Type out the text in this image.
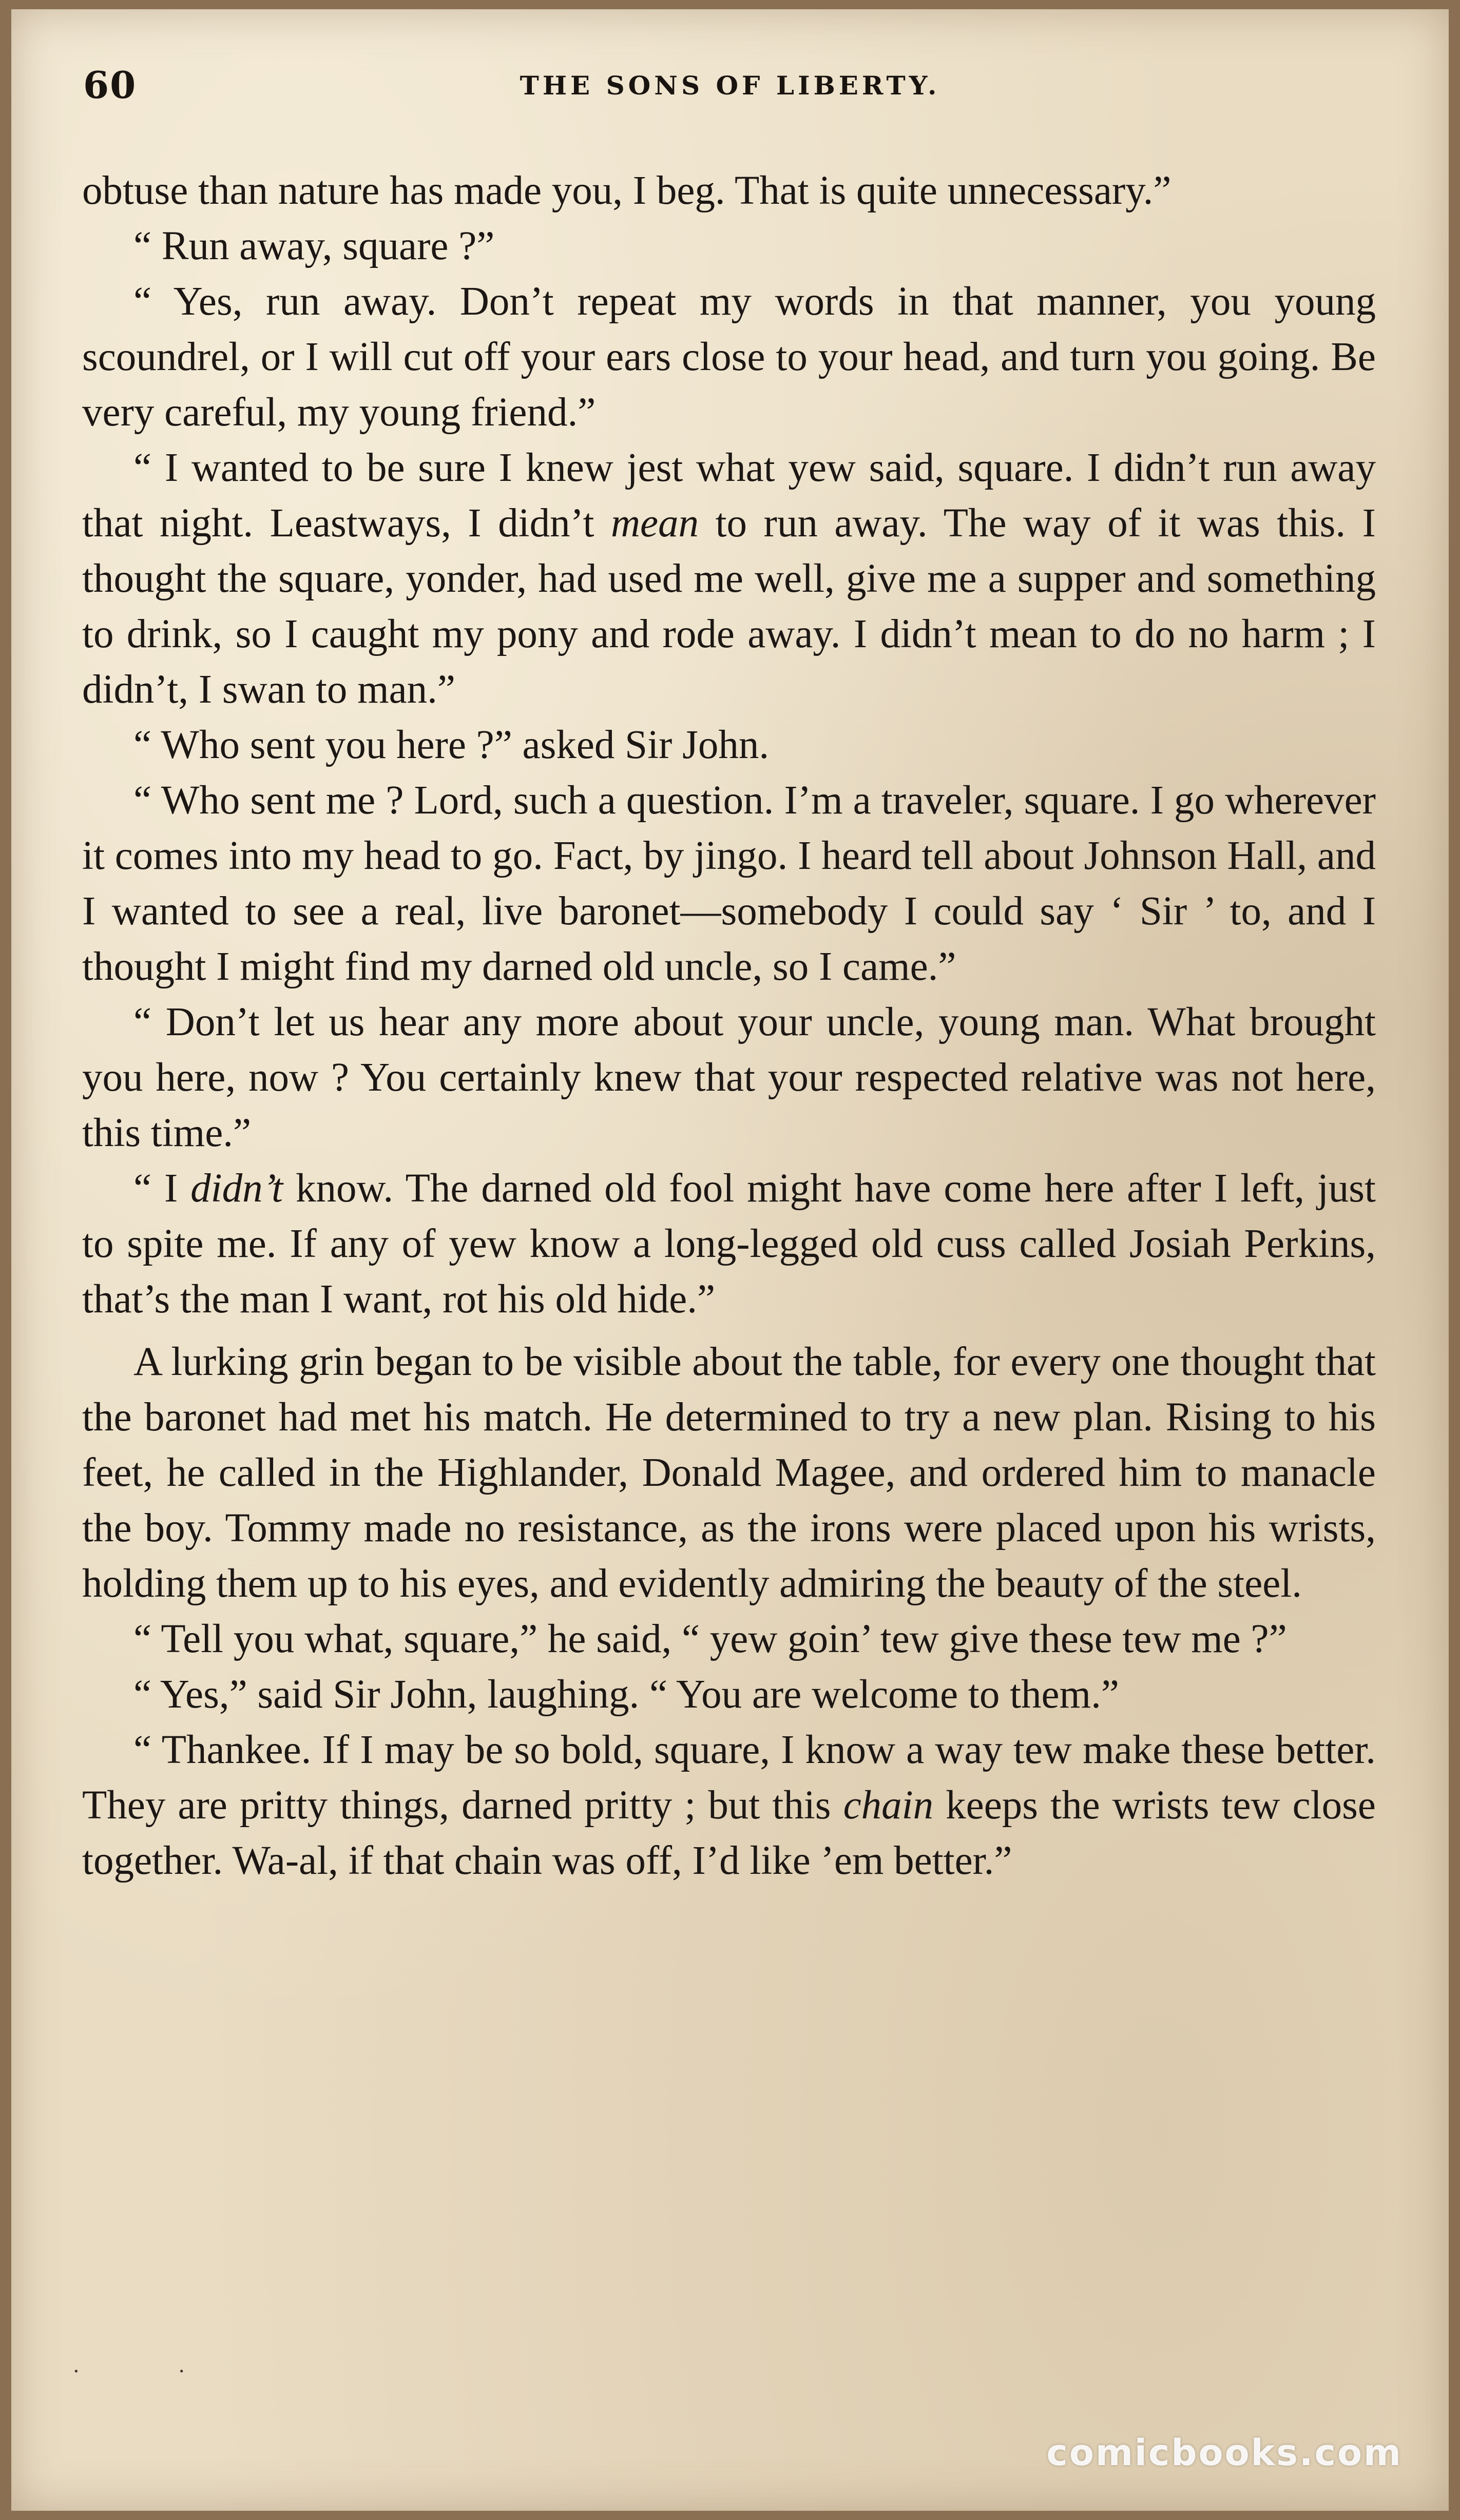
60	THE SONS OF LIBERTY.

obtuse than nature has made you, I beg. That is quite unnecessary.”

“ Run away, square ?”

“ Yes, run away. Don’t repeat my words in that manner, you young scoundrel, or I will cut off your ears close to your head, and turn you going. Be very careful, my young friend.”

“ I wanted to be sure I knew jest what yew said, square. I didn’t run away that night. Leastways, I didn’t mean to run away. The way of it was this. I thought the square, yonder, had used me well, give me a supper and something to drink, so I caught my pony and rode away. I didn’t mean to do no harm ; I didn’t, I swan to man.”

“ Who sent you here ?” asked Sir John.

“ Who sent me ? Lord, such a question. I’m a traveler, square. I go wherever it comes into my head to go. Fact, by jingo. I heard tell about Johnson Hall, and I wanted to see a real, live baronet—somebody I could say ‘ Sir ’ to, and I thought I might find my darned old uncle, so I came.”

“ Don’t let us hear any more about your uncle, young man. What brought you here, now ? You certainly knew that your respected relative was not here, this time.”

“ I didn’t know. The darned old fool might have come here after I left, just to spite me. If any of yew know a long-legged old cuss called Josiah Perkins, that’s the man I want, rot his old hide.”

A lurking grin began to be visible about the table, for every one thought that the baronet had met his match. He determined to try a new plan. Rising to his feet, he called in the Highlander, Donald Magee, and ordered him to manacle the boy. Tommy made no resistance, as the irons were placed upon his wrists, holding them up to his eyes, and evidently admiring the beauty of the steel.

“ Tell you what, square,” he said, “ yew goin’ tew give these tew me ?”

“ Yes,” said Sir John, laughing. “ You are welcome to them.”

“ Thankee. If I may be so bold, square, I know a way tew make these better. They are pritty things, darned pritty ; but this chain keeps the wrists tew close together. Wa-al, if that chain was off, I’d like ’em better.”

· ·
comicbooks.com
